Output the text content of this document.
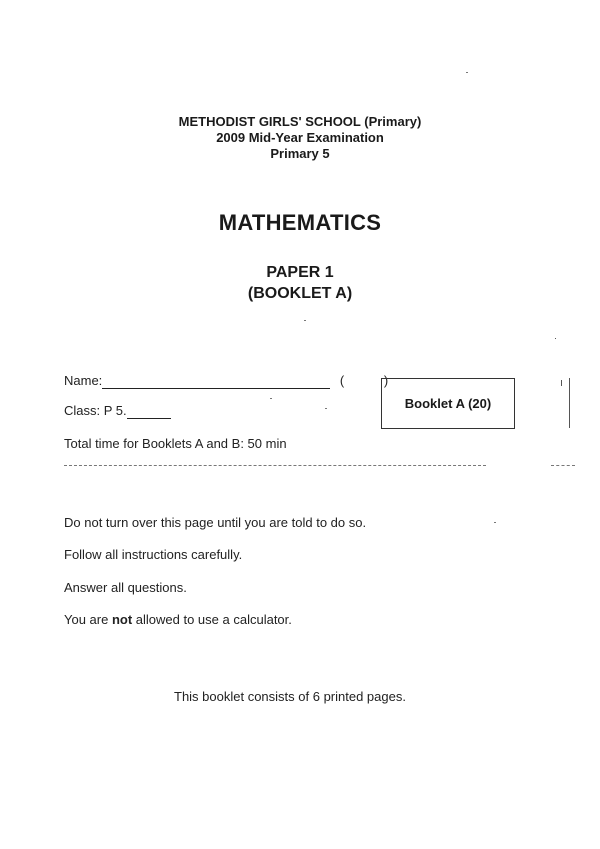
METHODIST GIRLS' SCHOOL (Primary)
2009 Mid-Year Examination
Primary 5
MATHEMATICS
PAPER 1
(BOOKLET A)
Name:	(	)
Class: P 5.
Total time for Booklets A and B: 50 min
Booklet A (20)
Do not turn over this page until you are told to do so.
Follow all instructions carefully.
Answer all questions.
You are not allowed to use a calculator.
This booklet consists of 6 printed pages.
